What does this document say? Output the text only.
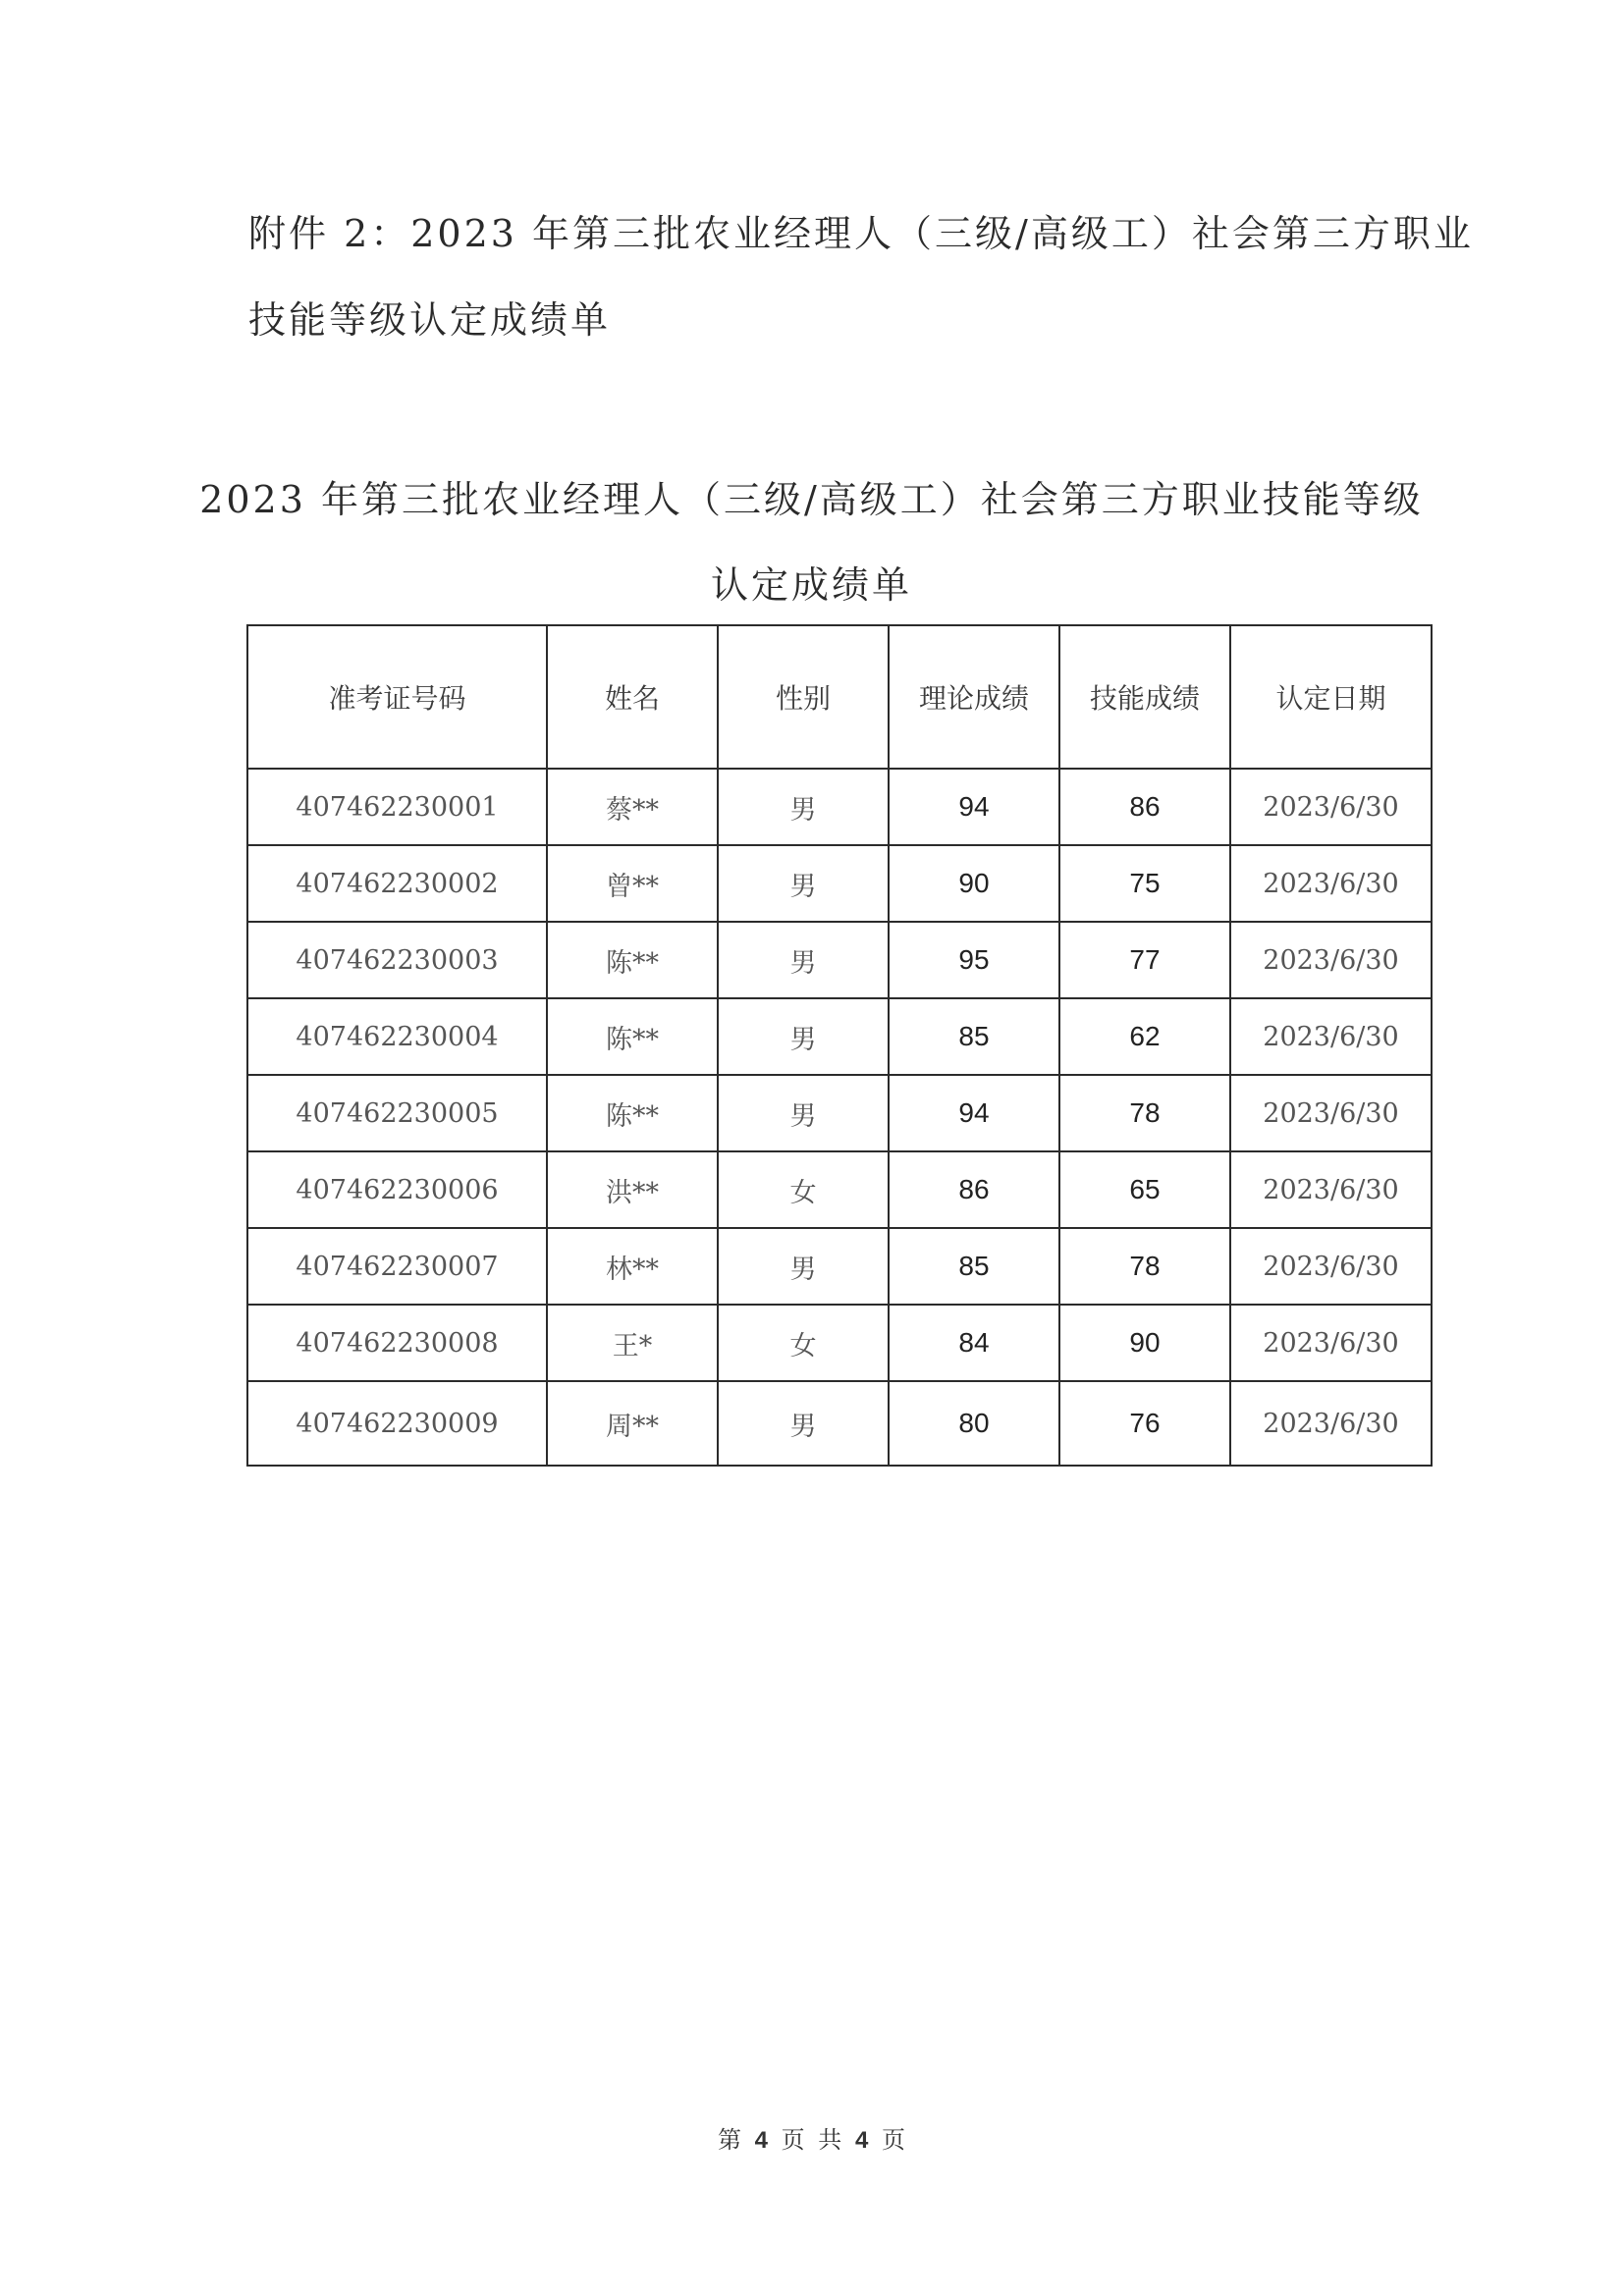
附件 2：2023 年第三批农业经理人（三级/高级工）社会第三方职业
技能等级认定成绩单
2023 年第三批农业经理人（三级/高级工）社会第三方职业技能等级
认定成绩单
准考证号码	姓名	性别	理论成绩	技能成绩	认定日期
407462230001	蔡**	男	94	86	2023/6/30
407462230002	曾**	男	90	75	2023/6/30
407462230003	陈**	男	95	77	2023/6/30
407462230004	陈**	男	85	62	2023/6/30
407462230005	陈**	男	94	78	2023/6/30
407462230006	洪**	女	86	65	2023/6/30
407462230007	林**	男	85	78	2023/6/30
407462230008	王*	女	84	90	2023/6/30
407462230009	周**	男	80	76	2023/6/30
第 4 页 共 4 页
